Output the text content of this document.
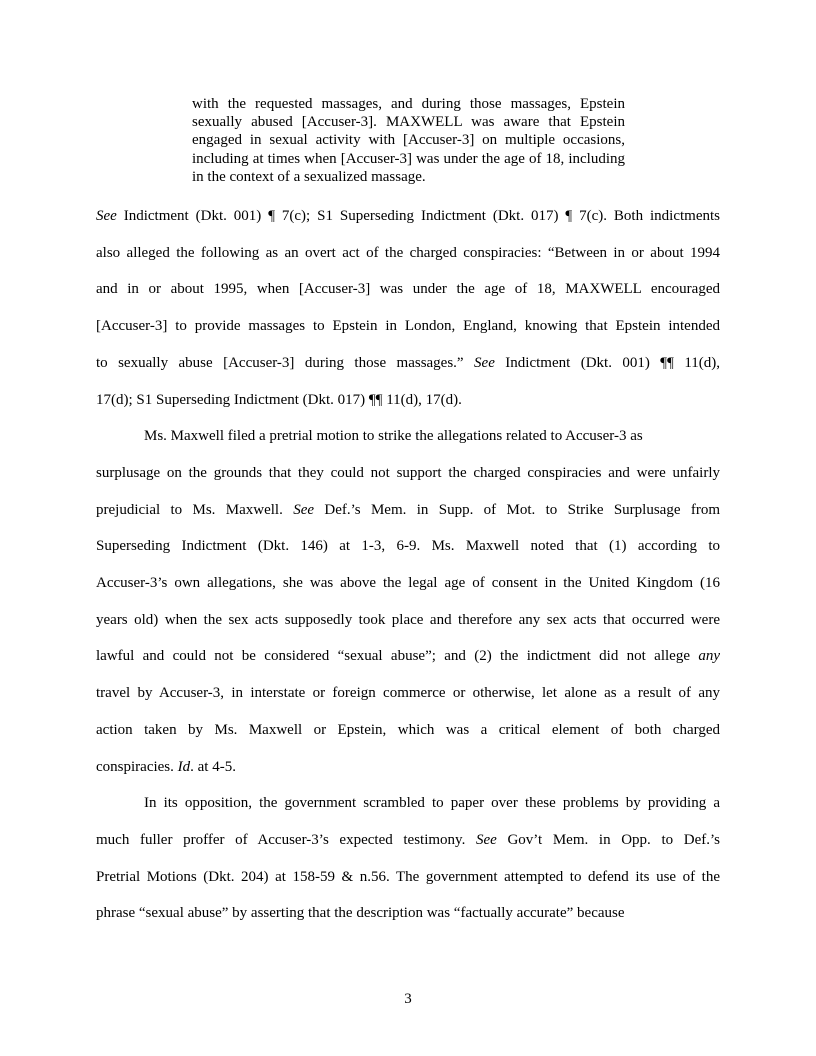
with the requested massages, and during those massages, Epstein sexually abused [Accuser-3]. MAXWELL was aware that Epstein engaged in sexual activity with [Accuser-3] on multiple occasions, including at times when [Accuser-3] was under the age of 18, including in the context of a sexualized massage.

See Indictment (Dkt. 001) ¶ 7(c); S1 Superseding Indictment (Dkt. 017) ¶ 7(c). Both indictments
also alleged the following as an overt act of the charged conspiracies: “Between in or about 1994
and in or about 1995, when [Accuser-3] was under the age of 18, MAXWELL encouraged
[Accuser-3] to provide massages to Epstein in London, England, knowing that Epstein intended
to sexually abuse [Accuser-3] during those massages.” See Indictment (Dkt. 001) ¶¶ 11(d),
17(d); S1 Superseding Indictment (Dkt. 017) ¶¶ 11(d), 17(d).
Ms. Maxwell filed a pretrial motion to strike the allegations related to Accuser-3 as
surplusage on the grounds that they could not support the charged conspiracies and were unfairly
prejudicial to Ms. Maxwell. See Def.’s Mem. in Supp. of Mot. to Strike Surplusage from
Superseding Indictment (Dkt. 146) at 1-3, 6-9. Ms. Maxwell noted that (1) according to
Accuser-3’s own allegations, she was above the legal age of consent in the United Kingdom (16
years old) when the sex acts supposedly took place and therefore any sex acts that occurred were
lawful and could not be considered “sexual abuse”; and (2) the indictment did not allege any
travel by Accuser-3, in interstate or foreign commerce or otherwise, let alone as a result of any
action taken by Ms. Maxwell or Epstein, which was a critical element of both charged
conspiracies. Id. at 4-5.
In its opposition, the government scrambled to paper over these problems by providing a
much fuller proffer of Accuser-3’s expected testimony. See Gov’t Mem. in Opp. to Def.’s
Pretrial Motions (Dkt. 204) at 158-59 & n.56. The government attempted to defend its use of the
phrase “sexual abuse” by asserting that the description was “factually accurate” because
3
